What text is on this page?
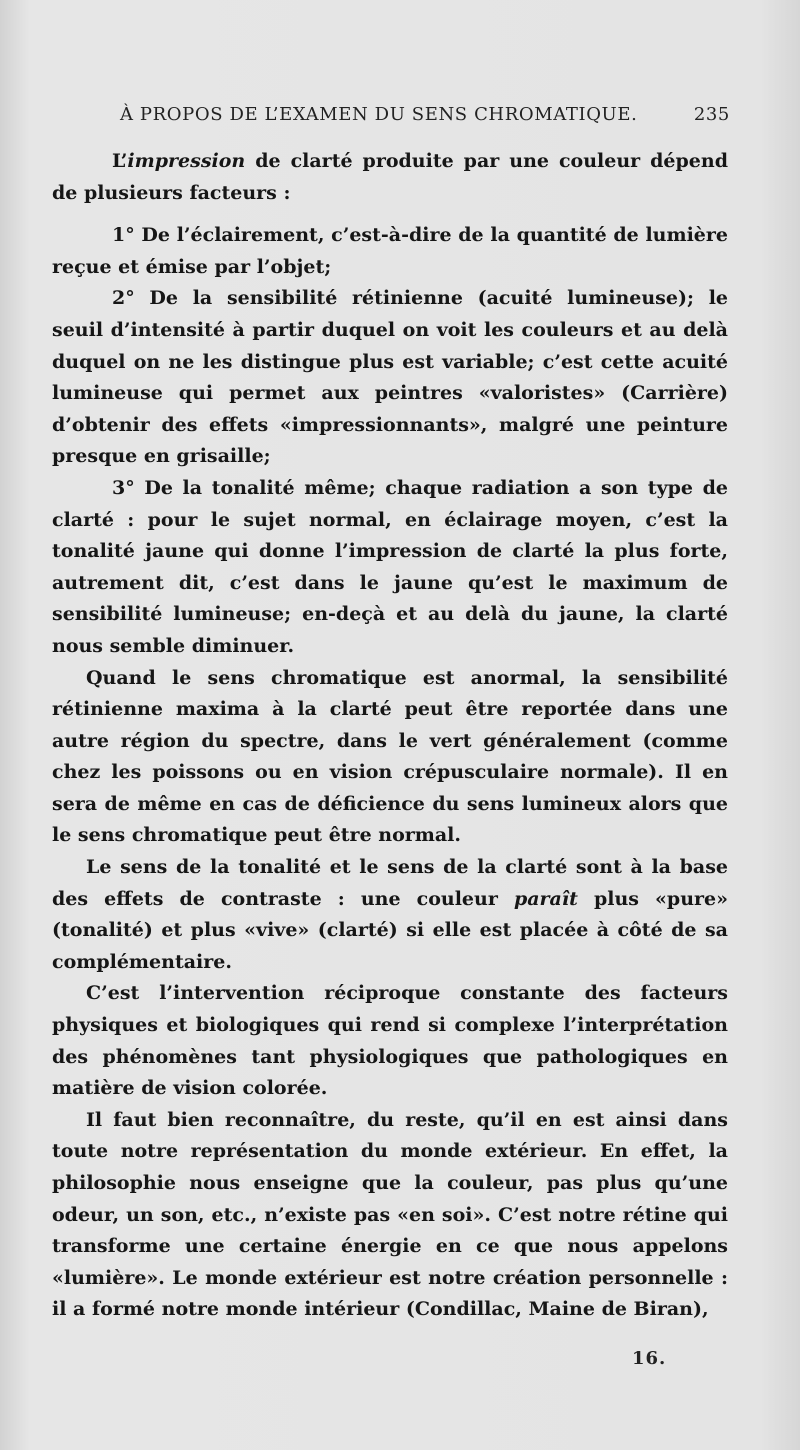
À PROPOS DE L’EXAMEN DU SENS CHROMATIQUE.	235

L’impression de clarté produite par une couleur dépend de plusieurs facteurs :

1° De l’éclairement, c’est-à-dire de la quantité de lumière reçue et émise par l’objet;

2° De la sensibilité rétinienne (acuité lumineuse); le seuil d’intensité à partir duquel on voit les couleurs et au delà duquel on ne les distingue plus est variable; c’est cette acuité lumineuse qui permet aux peintres «valoristes» (Carrière) d’obtenir des effets «impressionnants», malgré une peinture presque en grisaille;

3° De la tonalité même; chaque radiation a son type de clarté : pour le sujet normal, en éclairage moyen, c’est la tonalité jaune qui donne l’impression de clarté la plus forte, autrement dit, c’est dans le jaune qu’est le maximum de sensibilité lumineuse; en-deçà et au delà du jaune, la clarté nous semble diminuer.

Quand le sens chromatique est anormal, la sensibilité rétinienne maxima à la clarté peut être reportée dans une autre région du spectre, dans le vert généralement (comme chez les poissons ou en vision crépusculaire normale). Il en sera de même en cas de déficience du sens lumineux alors que le sens chromatique peut être normal.

Le sens de la tonalité et le sens de la clarté sont à la base des effets de contraste : une couleur paraît plus «pure» (tonalité) et plus «vive» (clarté) si elle est placée à côté de sa complémentaire.

C’est l’intervention réciproque constante des facteurs physiques et biologiques qui rend si complexe l’interprétation des phénomènes tant physiologiques que pathologiques en matière de vision colorée.

Il faut bien reconnaître, du reste, qu’il en est ainsi dans toute notre représentation du monde extérieur. En effet, la philosophie nous enseigne que la couleur, pas plus qu’une odeur, un son, etc., n’existe pas «en soi». C’est notre rétine qui transforme une certaine énergie en ce que nous appelons «lumière». Le monde extérieur est notre création personnelle : il a formé notre monde intérieur (Condillac, Maine de Biran),

16.
